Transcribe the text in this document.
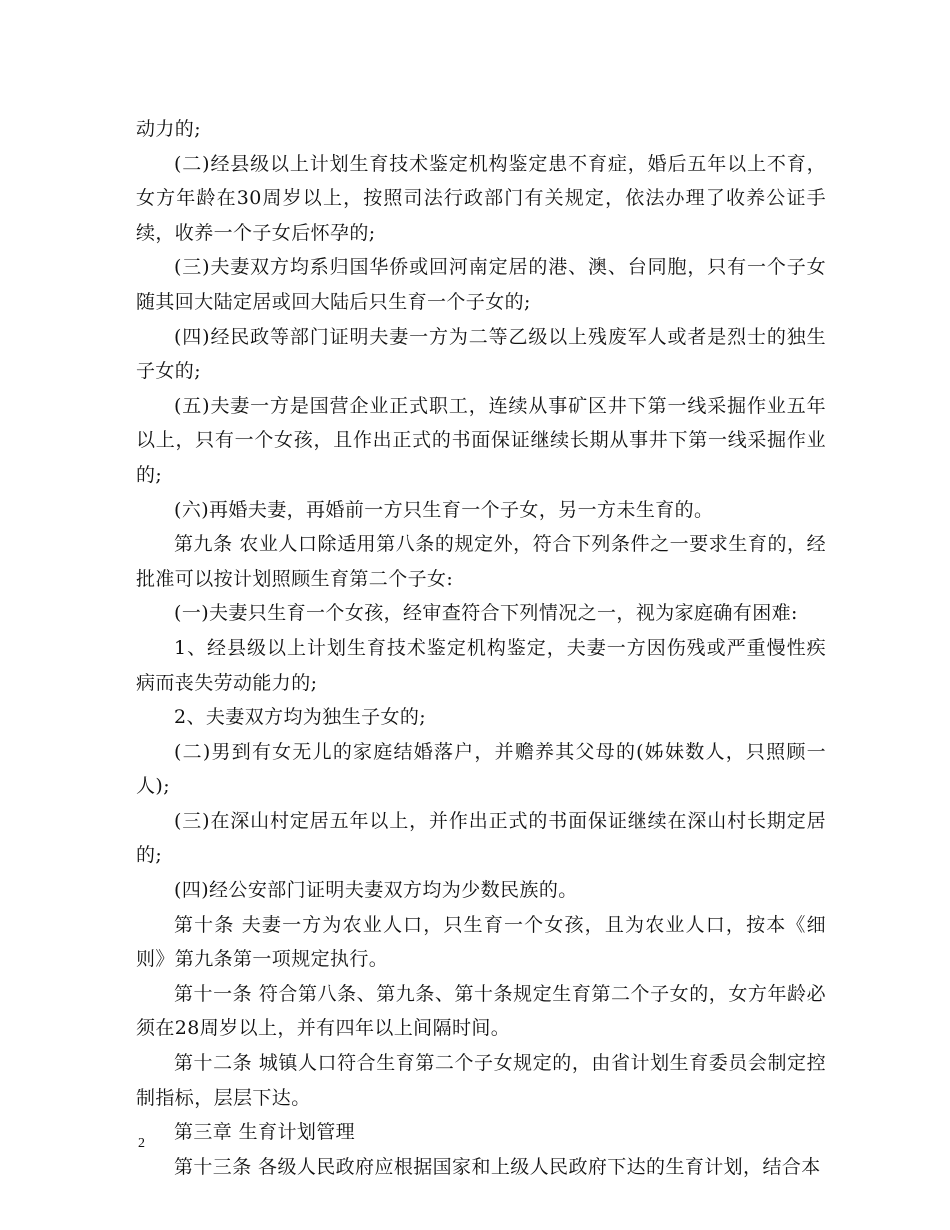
动力的;

(二)经县级以上计划生育技术鉴定机构鉴定患不育症，婚后五年以上不育，女方年龄在30周岁以上，按照司法行政部门有关规定，依法办理了收养公证手续，收养一个子女后怀孕的;

(三)夫妻双方均系归国华侨或回河南定居的港、澳、台同胞，只有一个子女随其回大陆定居或回大陆后只生育一个子女的;

(四)经民政等部门证明夫妻一方为二等乙级以上残废军人或者是烈士的独生子女的;

(五)夫妻一方是国营企业正式职工，连续从事矿区井下第一线采掘作业五年以上，只有一个女孩，且作出正式的书面保证继续长期从事井下第一线采掘作业的;

(六)再婚夫妻，再婚前一方只生育一个子女，另一方未生育的。

第九条 农业人口除适用第八条的规定外，符合下列条件之一要求生育的，经批准可以按计划照顾生育第二个子女:

(一)夫妻只生育一个女孩，经审查符合下列情况之一，视为家庭确有困难:

1、经县级以上计划生育技术鉴定机构鉴定，夫妻一方因伤残或严重慢性疾病而丧失劳动能力的;

2、夫妻双方均为独生子女的;

(二)男到有女无儿的家庭结婚落户，并赡养其父母的(姊妹数人，只照顾一人);

(三)在深山村定居五年以上，并作出正式的书面保证继续在深山村长期定居的;

(四)经公安部门证明夫妻双方均为少数民族的。

第十条 夫妻一方为农业人口，只生育一个女孩，且为农业人口，按本《细则》第九条第一项规定执行。

第十一条 符合第八条、第九条、第十条规定生育第二个子女的，女方年龄必须在28周岁以上，并有四年以上间隔时间。

第十二条 城镇人口符合生育第二个子女规定的，由省计划生育委员会制定控制指标，层层下达。

第三章 生育计划管理

第十三条 各级人民政府应根据国家和上级人民政府下达的生育计划，结合本

2
